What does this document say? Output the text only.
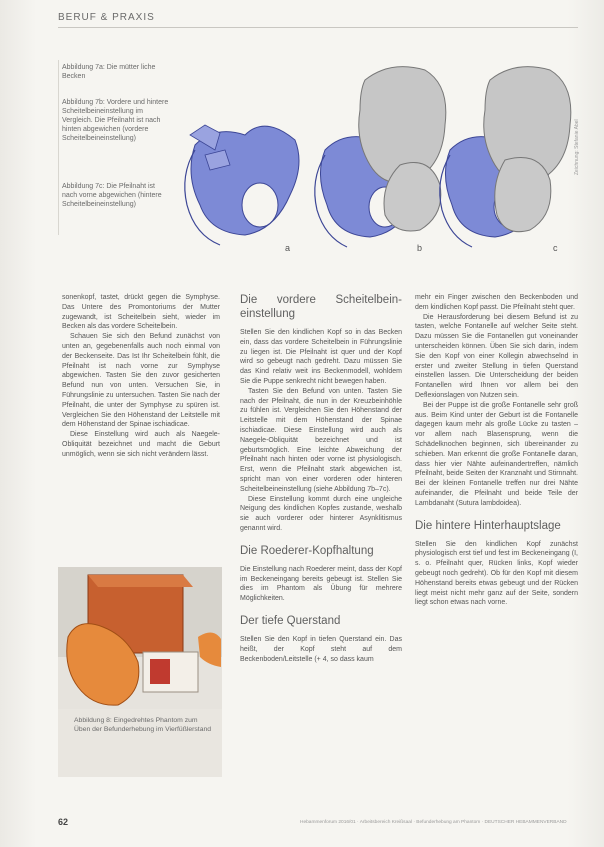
BERUF & PRAXIS
Abbildung 7a: Die mütter liche Becken
Abbildung 7b: Vordere und hintere Scheitelbeineinstellung im Vergleich. Die Pfeilnaht ist nach hinten abgewichen (vordere Scheitelbeineinstellung)
Abbildung 7c: Die Pfeilnaht ist nach vorne abgewichen (hintere Scheitelbeineinstellung)
a	b	c
Zeichnung: Stefanie Abel

sonenkopf, tastet, drückt gegen die Symphyse. Das Untere des Promontoriums der Mutter zugewandt, ist Scheitelbein sieht, wieder im Becken als das vordere Scheitelbein.

Schauen Sie sich den Befund zunächst von unten an, gegebenenfalls auch noch einmal von der Beckenseite. Das Ist Ihr Scheitelbein fühlt, die Pfeilnaht ist nach vorne zur Symphyse abgewichen. Tasten Sie den zuvor gesicherten Befund nun von unten. Versuchen Sie, in Führungslinie zu untersuchen. Tasten Sie nach der Pfeilnaht, die unter der Symphyse zu spüren ist. Vergleichen Sie den Höhenstand der Leitstelle mit dem Höhenstand der Spinae ischiadicae.

Diese Einstellung wird auch als Naegele-Obliquität bezeichnet und macht die Geburt unmöglich, wenn sie sich nicht verändern lässt.

Abbildung 8: Eingedrehtes Phantom zum Üben der Befunderhebung im Vierfüßlerstand
Die vordere Scheitelbeineinstellung

Stellen Sie den kindlichen Kopf so in das Becken ein, dass das vordere Scheitelbein in Führungslinie zu liegen ist. Die Pfeilnaht ist quer und der Kopf wird so gebeugt nach gedreht. Dazu müssen Sie das Kind relativ weit ins Beckenmodell, wohldem Sie die Puppe senkrecht nicht bewegen haben.

Tasten Sie den Befund von unten. Tasten Sie nach der Pfeilnaht, die nun in der Kreuzbeinhöhle zu fühlen ist. Vergleichen Sie den Höhenstand der Leitstelle mit dem Höhenstand der Spinae ischiadicae. Diese Einstellung wird auch als Naegele-Obliquität bezeichnet und ist geburtsmöglich. Eine leichte Abweichung der Pfeilnaht nach hinten oder vorne ist physiologisch. Erst, wenn die Pfeilnaht stark abgewichen ist, spricht man von einer vorderen oder hinteren Scheitelbeineinstellung (siehe Abbildung 7b–7c).

Diese Einstellung kommt durch eine ungleiche Neigung des kindlichen Kopfes zustande, weshalb sie auch vorderer oder hinterer Asynklitismus genannt wird.

Die Roederer-Kopfhaltung

Die Einstellung nach Roederer meint, dass der Kopf im Beckeneingang bereits gebeugt ist. Stellen Sie dies im Phantom als Übung für mehrere Möglichkeiten.

Der tiefe Querstand

Stellen Sie den Kopf in tiefen Querstand ein. Das heißt, der Kopf steht auf dem Beckenboden/Leitstelle (+ 4, so dass kaum

mehr ein Finger zwischen den Beckenboden und dem kindlichen Kopf passt. Die Pfeilnaht steht quer.

Die Herausforderung bei diesem Befund ist zu tasten, welche Fontanelle auf welcher Seite steht. Dazu müssen Sie die Fontanellen gut voneinander unterscheiden können. Üben Sie sich darin, indem Sie den Kopf von einer Kollegin abwechselnd in erster und zweiter Stellung in tiefen Querstand einstellen lassen. Die Unterscheidung der beiden Fontanellen wird Ihnen vor allem bei den Deflexionslagen von Nutzen sein.

Bei der Puppe ist die große Fontanelle sehr groß aus. Beim Kind unter der Geburt ist die Fontanelle dagegen kaum mehr als große Lücke zu tasten – vor allem nach Blasensprung, wenn die Schädelknochen beginnen, sich übereinander zu schieben. Man erkennt die große Fontanelle daran, dass hier vier Nähte aufeinandertreffen, nämlich Pfeilnaht, beide Seiten der Kranznaht und Stirnnaht. Bei der kleinen Fontanelle treffen nur drei Nähte aufeinander, die Pfeilnaht und beide Teile der Lambdanaht (Sutura lambdoidea).

Die hintere Hinterhauptslage

Stellen Sie den kindlichen Kopf zunächst physiologisch erst tief und fest im Beckeneingang (I, s. o. Pfeilnaht quer, Rücken links, Kopf wieder gebeugt noch gedreht). Ob für den Kopf mit diesem Höhenstand bereits etwas gebeugt und der Rücken liegt meist nicht mehr ganz auf der Seite, sondern liegt schon etwas nach vorne.

62	Hebammenforum 2016/01 · Arbeitsbereich Kreißsaal · Befunderhebung am Phantom · DEUTSCHER HEBAMMENVERBAND
